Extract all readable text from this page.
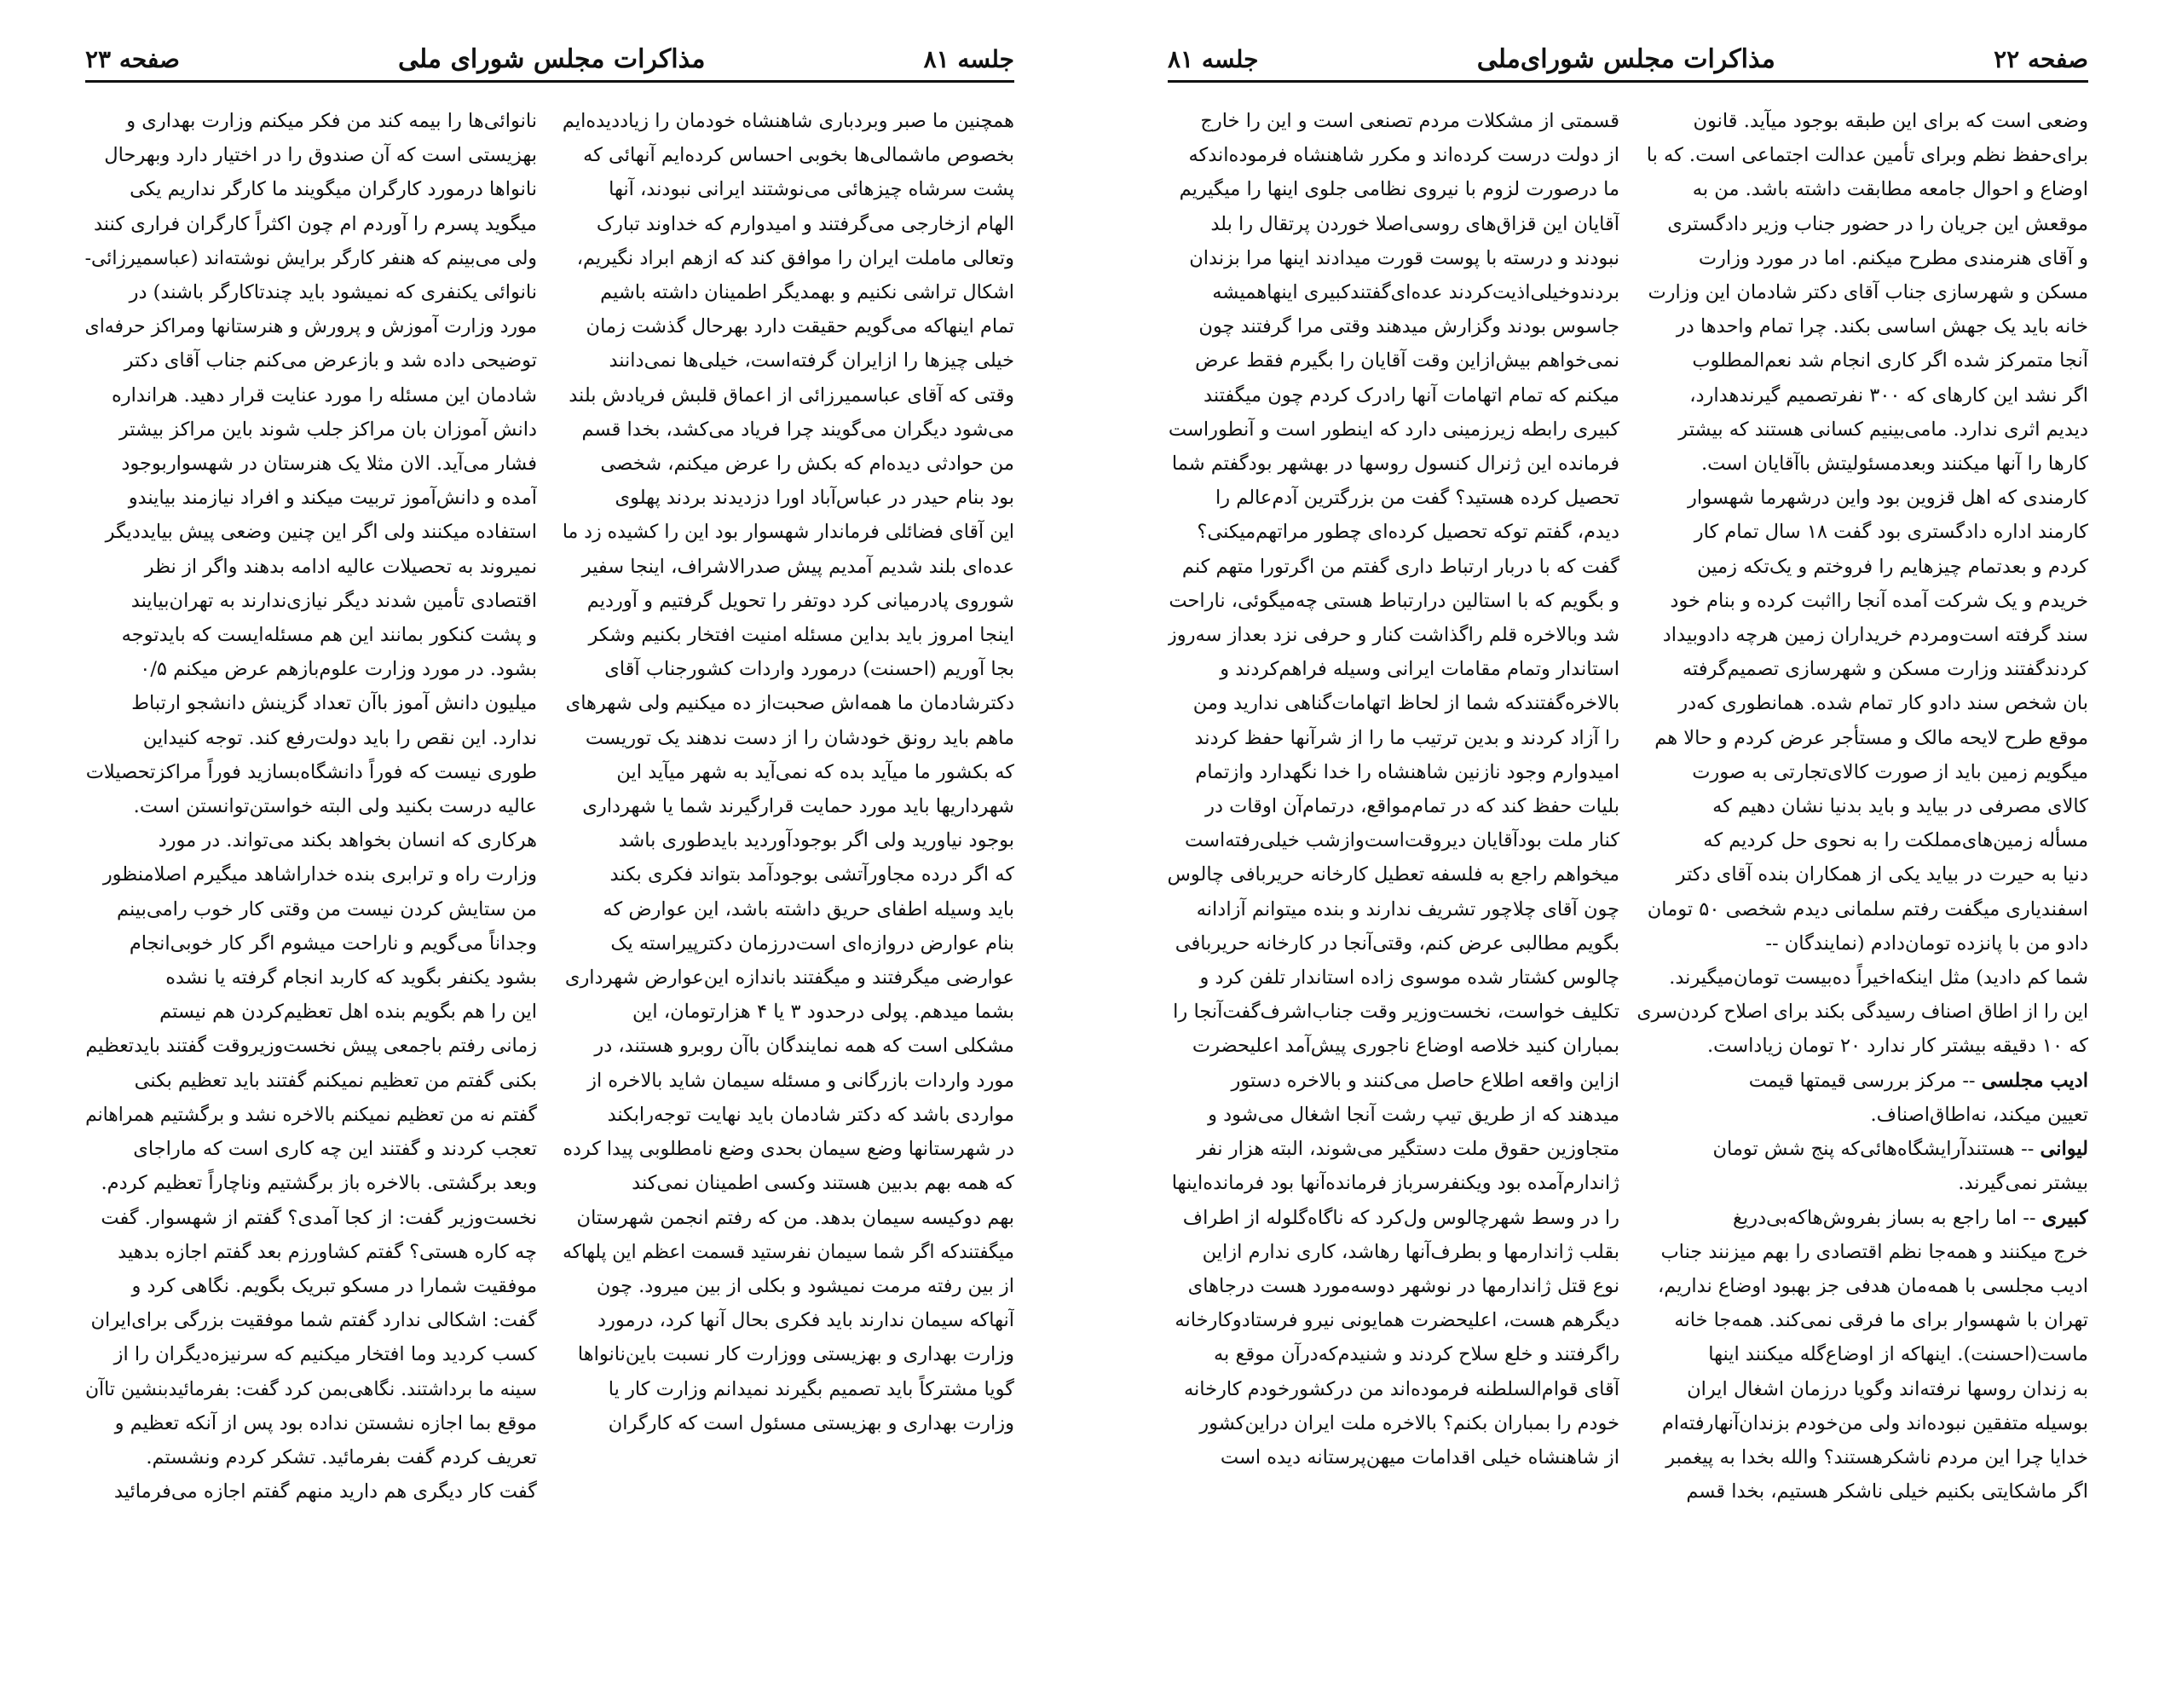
جلسه ۸۱
مذاکرات مجلس شورای ملی
صفحه ۲۳

همچنین ما صبر وبردباری شاهنشاه خودمان را زیاددیده‌ایم

بخصوص ماشمالی‌ها بخوبی احساس کرده‌ایم آنهائی که

پشت سرشاه چیزهائی می‌نوشتند ایرانی نبودند، آنها

الهام ازخارجی می‌گرفتند و امیدوارم که خداوند تبارک

وتعالی ماملت ایران را موافق کند که ازهم ابراد نگیریم،

اشکال تراشی نکنیم و بهمدیگر اطمینان داشته باشیم

تمام اینهاکه می‌گویم حقیقت دارد بهرحال گذشت زمان

خیلی چیزها را ازایران گرفته‌است، خیلی‌ها نمی‌دانند

وقتی که آقای عباسمیرزائی از اعماق قلبش فریادش بلند

می‌شود دیگران می‌گویند چرا فریاد می‌کشد، بخدا قسم

من حوادثی دیده‌ام که بکش را عرض میکنم، شخصی

بود بنام حیدر در عباس‌آباد اورا دزدیدند بردند پهلوی

این آقای فضائلی فرماندار شهسوار بود این را کشیده زد ما

عده‌ای بلند شدیم آمدیم پیش صدرالاشراف، اینجا سفیر

شوروی پادرمیانی کرد دوتفر را تحویل گرفتیم و آوردیم

اینجا امروز باید بداین مسئله امنیت افتخار بکنیم وشکر

بجا آوریم (احسنت) درمورد واردات کشورجناب آقای

دکترشادمان ما همه‌اش صحبت‌از ده میکنیم ولی شهرهای

ماهم باید رونق خودشان را از دست ندهند یک توریست

که بکشور ما میآید بده که نمی‌آید به شهر میآید این

شهرداریها باید مورد حمایت قرارگیرند شما یا شهرداری

بوجود نیاورید ولی اگر بوجودآوردید بایدطوری باشد

که اگر درده مجاورآتشی بوجودآمد بتواند فکری بکند

باید وسیله اطفای حریق داشته باشد، این عوارض که

بنام عوارض دروازه‌ای است‌درزمان دکترپیراسته یک

عوارضی میگرفتند و میگفتند باندازه این‌عوارض شهرداری

بشما میدهم. پولی درحدود ۳ یا ۴ هزارتومان، این

مشکلی است که همه نمایندگان باآن روبرو هستند، در

مورد واردات بازرگانی و مسئله سیمان شاید بالاخره از

مواردی باشد که دکتر شادمان باید نهایت توجه‌رابکند

در شهرستانها وضع سیمان بحدی وضع نامطلوبی پیدا کرده

که همه بهم بدبین هستند وکسی اطمینان نمی‌کند

بهم دوکیسه سیمان بدهد. من که رفتم انجمن شهرستان

میگفتندکه اگر شما سیمان نفرستید قسمت اعظم این پلهاکه

از بین رفته مرمت نمیشود و بکلی از بین میرود. چون

آنهاکه سیمان ندارند باید فکری بحال آنها کرد، درمورد

وزارت بهداری و بهزیستی ووزارت کار نسبت باین‌نانواها

گویا مشترکاً باید تصمیم بگیرند نمیدانم وزارت کار یا

وزارت بهداری و بهزیستی مسئول است که کارگران

نانوائی‌ها را بیمه کند من فکر میکنم وزارت بهداری و

بهزیستی است که آن صندوق را در اختیار دارد وبهرحال

نانواها درمورد کارگران میگویند ما کارگر نداریم یکی

میگوید پسرم را آوردم ام چون اکثراً کارگران فراری کنند

ولی می‌بینم که هنفر کارگر برایش نوشته‌اند (عباسمیرزائی-

نانوائی یکنفری که نمیشود باید چندتاکارگر باشند) در

مورد وزارت آموزش و پرورش و هنرستانها ومراکز حرفه‌ای

توضیحی داده شد و بازعرض می‌کنم جناب آقای دکتر

شادمان این مسئله را مورد عنایت قرار دهید. هرانداره

دانش آموزان بان مراکز جلب شوند باین مراکز بیشتر

فشار می‌آید. الان مثلا یک هنرستان در شهسواربوجود

آمده و دانش‌آموز تربیت میکند و افراد نیازمند بیایندو

استفاده میکنند ولی اگر این چنین وضعی پیش بیایددیگر

نمیروند به تحصیلات عالیه ادامه بدهند واگر از نظر

اقتصادی تأمین شدند دیگر نیازی‌ندارند به تهران‌بیایند

و پشت کنکور بمانند این هم مسئله‌ایست که بایدتوجه

بشود. در مورد وزارت علوم‌بازهم عرض میکنم ۰/۵

میلیون دانش آموز باآن تعداد گزینش دانشجو ارتباط

ندارد. این نقص را باید دولت‌رفع کند. توجه کنیداین

طوری نیست که فوراً دانشگاه‌بسازید فوراً مراکزتحصیلات

عالیه درست بکنید ولی البته خواستن‌توانستن است.

هرکاری که انسان بخواهد بکند می‌تواند. در مورد

وزارت راه و ترابری بنده خداراشاهد میگیرم اصلامنظور

من ستایش کردن نیست من وقتی کار خوب رامی‌بینم

وجداناً می‌گویم و ناراحت میشوم اگر کار خوبی‌انجام

بشود یکنفر بگوید که کاربد انجام گرفته یا نشده

این را هم بگویم بنده اهل تعظیم‌کردن هم نیستم

زمانی رفتم باجمعی پیش نخست‌وزیروقت گفتند بایدتعظیم

بکنی گفتم من تعظیم نمیکنم گفتند باید تعظیم بکنی

گفتم نه من تعظیم نمیکنم بالاخره نشد و برگشتیم همراهانم

تعجب کردند و گفتند این چه کاری است که ماراجای

وبعد برگشتی. بالاخره باز برگشتیم وناچاراً تعظیم کردم.

نخست‌وزیر گفت: از کجا آمدی؟ گفتم از شهسوار. گفت

چه کاره هستی؟ گفتم کشاورزم بعد گفتم اجازه بدهید

موفقیت شمارا در مسکو تبریک بگویم. نگاهی کرد و

گفت: اشکالی ندارد گفتم شما موفقیت بزرگی برای‌ایران

کسب کردید وما افتخار میکنیم که سرنیزه‌دیگران را از

سینه ما برداشتند. نگاهی‌بمن کرد گفت: بفرمائیدبنشین تاآن

موقع بما اجازه نشستن نداده بود پس از آنکه تعظیم و

تعریف کردم گفت بفرمائید. تشکر کردم ونشستم.

گفت کار دیگری هم دارید منهم گفتم اجازه می‌فرمائید

صفحه ۲۲
مذاکرات مجلس شورای‌ملی
جلسه ۸۱

وضعی است که برای این طبقه بوجود میآید. قانون

برای‌حفظ نظم وبرای تأمین عدالت اجتماعی است. که با

اوضاع و احوال جامعه مطابقت داشته باشد. من به

موقعش این جریان را در حضور جناب وزیر دادگستری

و آقای هنرمندی مطرح میکنم. اما در مورد وزارت

مسکن و شهرسازی جناب آقای دکتر شادمان این وزارت

خانه باید یک جهش اساسی بکند. چرا تمام واحدها در

آنجا متمرکز شده اگر کاری انجام شد نعم‌المطلوب

اگر نشد این کارهای که ۳۰۰ نفرتصمیم گیرندهدارد،

دیدیم اثری ندارد. مامی‌بینیم کسانی هستند که بیشتر

کارها را آنها میکنند وبعدمسئولیتش باآقایان است.

کارمندی که اهل قزوین بود واین درشهرما شهسوار

کارمند اداره دادگستری بود گفت ۱۸ سال تمام کار

کردم و بعدتمام چیزهایم را فروختم و یک‌تکه زمین

خریدم و یک شرکت آمده آنجا رااثبت کرده و بنام خود

سند گرفته است‌ومردم خریداران زمین هرچه دادوبیداد

کردندگفتند وزارت مسکن و شهرسازی تصمیم‌گرفته

بان شخص سند دادو کار تمام شده. همانطوری که‌در

موقع طرح لایحه مالک و مستأجر عرض کردم و حالا هم

میگویم زمین باید از صورت کالای‌تجارتی به صورت

کالای مصرفی در بیاید و باید بدنیا نشان دهیم که

مسأله زمین‌های‌مملکت را به نحوی حل کردیم که

دنیا به حیرت در بیاید یکی از همکاران بنده آقای دکتر

اسفندیاری میگفت رفتم سلمانی دیدم شخصی ۵۰ تومان

دادو من با پانزده تومان‌دادم (نمایندگان --

شما کم دادید) مثل اینکه‌اخیراً ده‌بیست تومان‌میگیرند.

این را از اطاق اصناف رسیدگی بکند برای اصلاح کردن‌سری

که ۱۰ دقیقه بیشتر کار ندارد ۲۰ تومان زیاداست.

ادیب مجلسی -- مرکز بررسی قیمتها قیمت

تعیین میکند، نه‌اطاق‌اصناف.

لیوانی -- هستند‌آرایشگاه‌هائی‌که پنج شش تومان

بیشتر نمی‌گیرند.

کبیری -- اما راجع به بساز بفروش‌هاکه‌بی‌دریغ

خرج میکنند و همه‌جا نظم اقتصادی را بهم میزنند جناب

ادیب مجلسی با همه‌مان هدفی جز بهبود اوضاع نداریم،

تهران با شهسوار برای ما فرقی نمی‌کند. همه‌جا خانه

ماست(احسنت). اینهاکه از اوضاع‌گله میکنند اینها

به زندان روسها نرفته‌اند وگویا درزمان اشغال ایران

بوسیله متفقین نبوده‌اند ولی من‌خودم بزندان‌آنهارفته‌ام

خدایا چرا این مردم ناشکرهستند؟ والله بخدا به پیغمبر

اگر ماشکایتی بکنیم خیلی ناشکر هستیم، بخدا قسم

قسمتی از مشکلات مردم تصنعی است و این را خارج

از دولت درست کرده‌اند و مکرر شاهنشاه فرموده‌اندکه

ما درصورت لزوم با نیروی نظامی جلوی اینها را میگیریم

آقایان این قزاق‌های روسی‌اصلا خوردن پرتقال را بلد

نبودند و درسته با پوست قورت میدادند اینها مرا بزندان

بردندوخیلی‌اذیت‌کردند عده‌ای‌گفتندکبیری اینهاهمیشه

جاسوس بودند وگزارش میدهند وقتی مرا گرفتند چون

نمی‌خواهم بیش‌ازاین وقت آقایان را بگیرم فقط عرض

میکنم که تمام اتهامات آنها رادرک کردم چون میگفتند

کبیری رابطه زیرزمینی دارد که اینطور است و آنطوراست

فرمانده این ژنرال کنسول روسها در بهشهر بودگفتم شما

تحصیل کرده هستید؟ گفت من بزرگترین آدم‌عالم را

دیدم، گفتم توکه تحصیل کرده‌ای چطور مراتهم‌میکنی؟

گفت که با دربار ارتباط داری گفتم من اگرتورا متهم کنم

و بگویم که با استالین درارتباط هستی چه‌میگوئی، ناراحت

شد وبالاخره قلم راگذاشت کنار و حرفی نزد بعداز سه‌روز

استاندار وتمام مقامات ایرانی وسیله فراهم‌کردند و

بالاخره‌گفتندکه شما از لحاظ اتهامات‌گناهی ندارید ومن

را آزاد کردند و بدین ترتیب ما را از شرآنها حفظ کردند

امیدوارم وجود نازنین شاهنشاه را خدا نگهدارد وازتمام

بلیات حفظ کند که در تمام‌مواقع، درتمام‌آن اوقات در

کنار ملت بودآقایان دیروقت‌است‌وازشب خیلی‌رفته‌است

میخواهم راجع به فلسفه تعطیل کارخانه حریربافی چالوس

چون آقای چلاچور تشریف ندارند و بنده میتوانم آزادانه

بگویم مطالبی عرض کنم، وقتی‌آنجا در کارخانه حریربافی

چالوس کشتار شده موسوی زاده استاندار تلفن کرد و

تکلیف خواست، نخست‌وزیر وقت جناب‌اشرف‌گفت‌آنجا را

بمباران کنید خلاصه اوضاع ناجوری پیش‌آمد اعلیحضرت

ازاین واقعه اطلاع حاصل می‌کنند و بالاخره دستور

میدهند که از طریق تیپ رشت آنجا اشغال می‌شود و

متجاوزین حقوق ملت دستگیر می‌شوند، البته هزار نفر

ژاندارم‌آمده بود ویکنفرسرباز فرمانده‌آنها بود فرمانده‌اینها

را در وسط شهرچالوس ول‌کرد که ناگاه‌گلوله از اطراف

بقلب ژاندارمها و بطرف‌آنها رهاشد، کاری ندارم ازاین

نوع قتل ژاندارمها در نوشهر دوسه‌مورد هست درجاهای

دیگرهم هست، اعلیحضرت همایونی نیرو فرستادوکارخانه

راگرفتند و خلع سلاح کردند و شنیدم‌که‌درآن موقع به

آقای قوام‌السلطنه فرموده‌اند من درکشورخودم کارخانه

خودم را بمباران بکنم؟ بالاخره ملت ایران دراین‌کشور

از شاهنشاه خیلی اقدامات میهن‌پرستانه دیده است
